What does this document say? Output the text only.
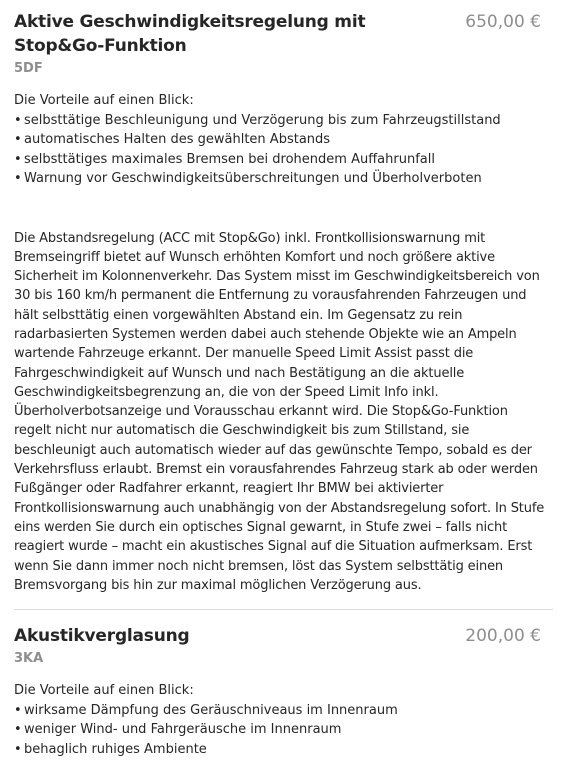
Aktive Geschwindigkeitsregelung mit Stop&Go-Funktion
650,00 €
5DF
Die Vorteile auf einen Blick:
• selbsttätige Beschleunigung und Verzögerung bis zum Fahrzeugstillstand
• automatisches Halten des gewählten Abstands
• selbsttätiges maximales Bremsen bei drohendem Auffahrunfall
• Warnung vor Geschwindigkeitsüberschreitungen und Überholverboten

Die Abstandsregelung (ACC mit Stop&Go) inkl. Frontkollisionswarnung mit Bremseingriff bietet auf Wunsch erhöhten Komfort und noch größere aktive Sicherheit im Kolonnenverkehr. Das System misst im Geschwindigkeitsbereich von 30 bis 160 km/h permanent die Entfernung zu vorausfahrenden Fahrzeugen und hält selbsttätig einen vorgewählten Abstand ein. Im Gegensatz zu rein radarbasierten Systemen werden dabei auch stehende Objekte wie an Ampeln wartende Fahrzeuge erkannt. Der manuelle Speed Limit Assist passt die Fahrgeschwindigkeit auf Wunsch und nach Bestätigung an die aktuelle Geschwindigkeitsbegrenzung an, die von der Speed Limit Info inkl. Überholverbotsanzeige und Vorausschau erkannt wird. Die Stop&Go-Funktion regelt nicht nur automatisch die Geschwindigkeit bis zum Stillstand, sie beschleunigt auch automatisch wieder auf das gewünschte Tempo, sobald es der Verkehrsfluss erlaubt. Bremst ein vorausfahrendes Fahrzeug stark ab oder werden Fußgänger oder Radfahrer erkannt, reagiert Ihr BMW bei aktivierter Frontkollisionswarnung auch unabhängig von der Abstandsregelung sofort. In Stufe eins werden Sie durch ein optisches Signal gewarnt, in Stufe zwei – falls nicht reagiert wurde – macht ein akustisches Signal auf die Situation aufmerksam. Erst wenn Sie dann immer noch nicht bremsen, löst das System selbsttätig einen Bremsvorgang bis hin zur maximal möglichen Verzögerung aus.

Akustikverglasung	200,00 €
3KA
Die Vorteile auf einen Blick:
• wirksame Dämpfung des Geräuschniveaus im Innenraum
• weniger Wind- und Fahrgeräusche im Innenraum
• behaglich ruhiges Ambiente
